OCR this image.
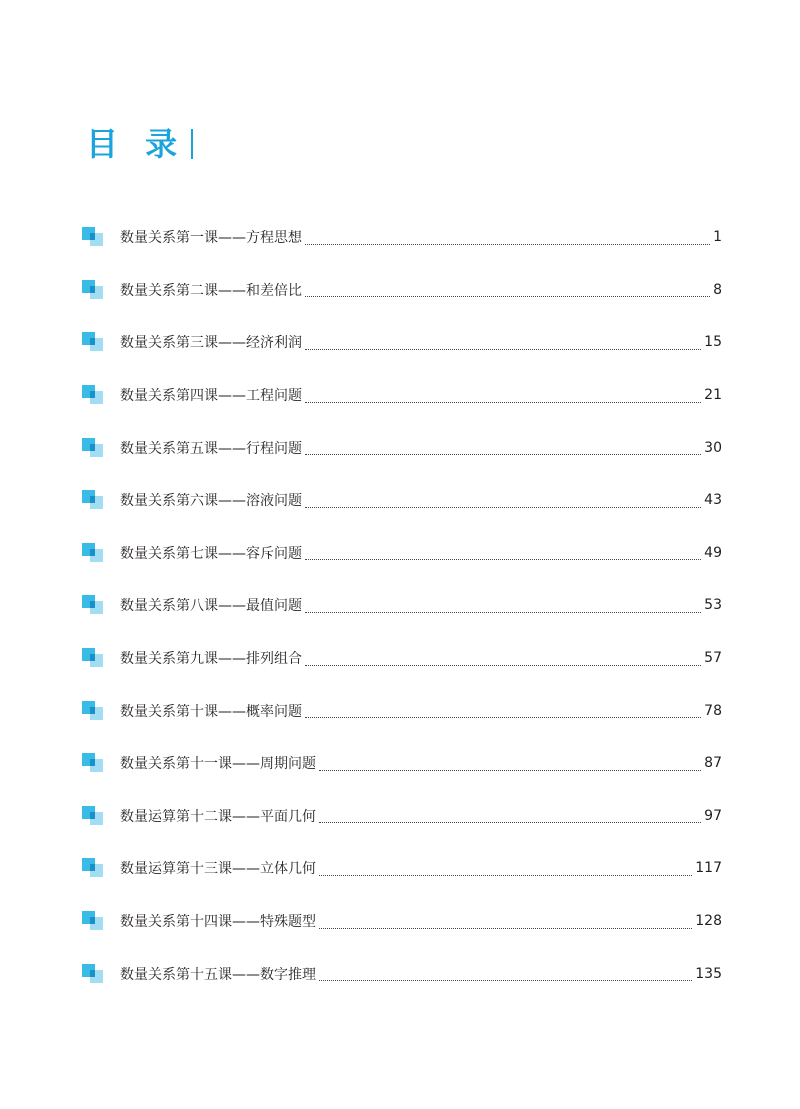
目 录
数量关系第一课——方程思想	1
数量关系第二课——和差倍比	8
数量关系第三课——经济利润	15
数量关系第四课——工程问题	21
数量关系第五课——行程问题	30
数量关系第六课——溶液问题	43
数量关系第七课——容斥问题	49
数量关系第八课——最值问题	53
数量关系第九课——排列组合	57
数量关系第十课——概率问题	78
数量关系第十一课——周期问题	87
数量运算第十二课——平面几何	97
数量运算第十三课——立体几何	117
数量关系第十四课——特殊题型	128
数量关系第十五课——数字推理	135
